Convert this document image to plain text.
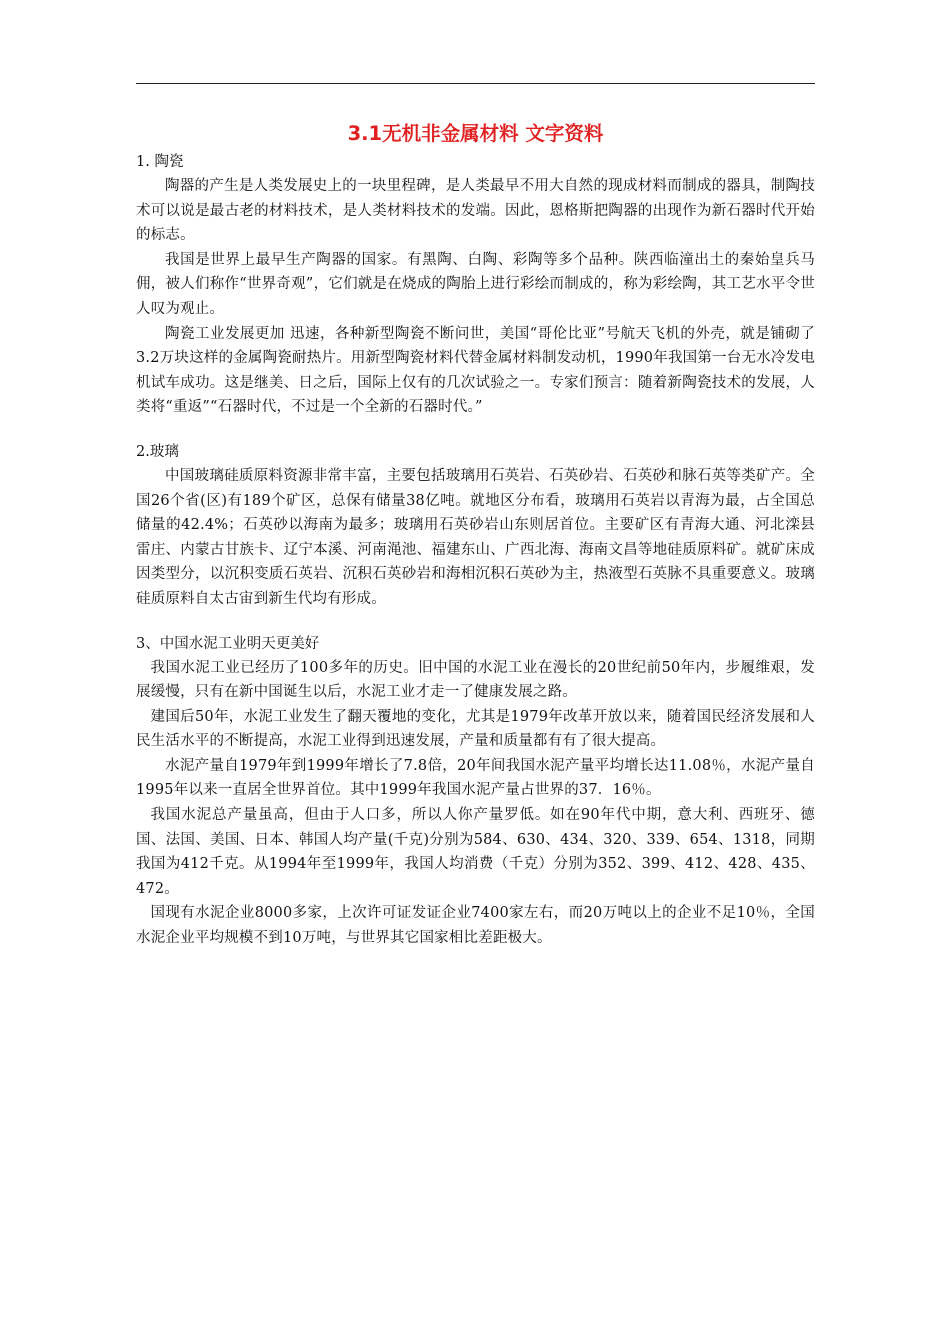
3.1无机非金属材料 文字资料
1. 陶瓷

陶器的产生是人类发展史上的一块里程碑，是人类最早不用大自然的现成材料而制成的器具，制陶技术可以说是最古老的材料技术，是人类材料技术的发端。因此，恩格斯把陶器的出现作为新石器时代开始的标志。

我国是世界上最早生产陶器的国家。有黑陶、白陶、彩陶等多个品种。陕西临潼出土的秦始皇兵马佣，被人们称作“世界奇观”，它们就是在烧成的陶胎上进行彩绘而制成的，称为彩绘陶，其工艺水平令世人叹为观止。

陶瓷工业发展更加 迅速，各种新型陶瓷不断问世，美国“哥伦比亚”号航天飞机的外壳，就是铺砌了3.2万块这样的金属陶瓷耐热片。用新型陶瓷材料代替金属材料制发动机，1990年我国第一台无水冷发电机试车成功。这是继美、日之后，国际上仅有的几次试验之一。专家们预言：随着新陶瓷技术的发展，人类将“重返”“石器时代，不过是一个全新的石器时代。”

2.玻璃

中国玻璃硅质原料资源非常丰富，主要包括玻璃用石英岩、石英砂岩、石英砂和脉石英等类矿产。全国26个省(区)有189个矿区，总保有储量38亿吨。就地区分布看，玻璃用石英岩以青海为最，占全国总储量的42.4%；石英砂以海南为最多；玻璃用石英砂岩山东则居首位。主要矿区有青海大通、河北滦县雷庄、内蒙古甘族卡、辽宁本溪、河南渑池、福建东山、广西北海、海南文昌等地硅质原料矿。就矿床成因类型分，以沉积变质石英岩、沉积石英砂岩和海相沉积石英砂为主，热液型石英脉不具重要意义。玻璃硅质原料自太古宙到新生代均有形成。

3、中国水泥工业明天更美好

我国水泥工业已经历了100多年的历史。旧中国的水泥工业在漫长的20世纪前50年内，步履维艰，发展缓慢，只有在新中国诞生以后，水泥工业才走一了健康发展之路。

建国后50年，水泥工业发生了翻天覆地的变化，尤其是1979年改革开放以来，随着国民经济发展和人民生活水平的不断提高，水泥工业得到迅速发展，产量和质量都有有了很大提高。

水泥产量自1979年到1999年增长了7.8倍，20年间我国水泥产量平均增长达11.08％，水泥产量自1995年以来一直居全世界首位。其中1999年我国水泥产量占世界的37．16％。

我国水泥总产量虽高，但由于人口多，所以人你产量罗低。如在90年代中期，意大利、西班牙、德国、法国、美国、日本、韩国人均产量(千克)分别为584、630、434、320、339、654、1318，同期我国为412千克。从1994年至1999年，我国人均消费（千克）分别为352、399、412、428、435、472。

国现有水泥企业8000多家，上次许可证发证企业7400家左右，而20万吨以上的企业不足10％，全国水泥企业平均规模不到10万吨，与世界其它国家相比差距极大。
